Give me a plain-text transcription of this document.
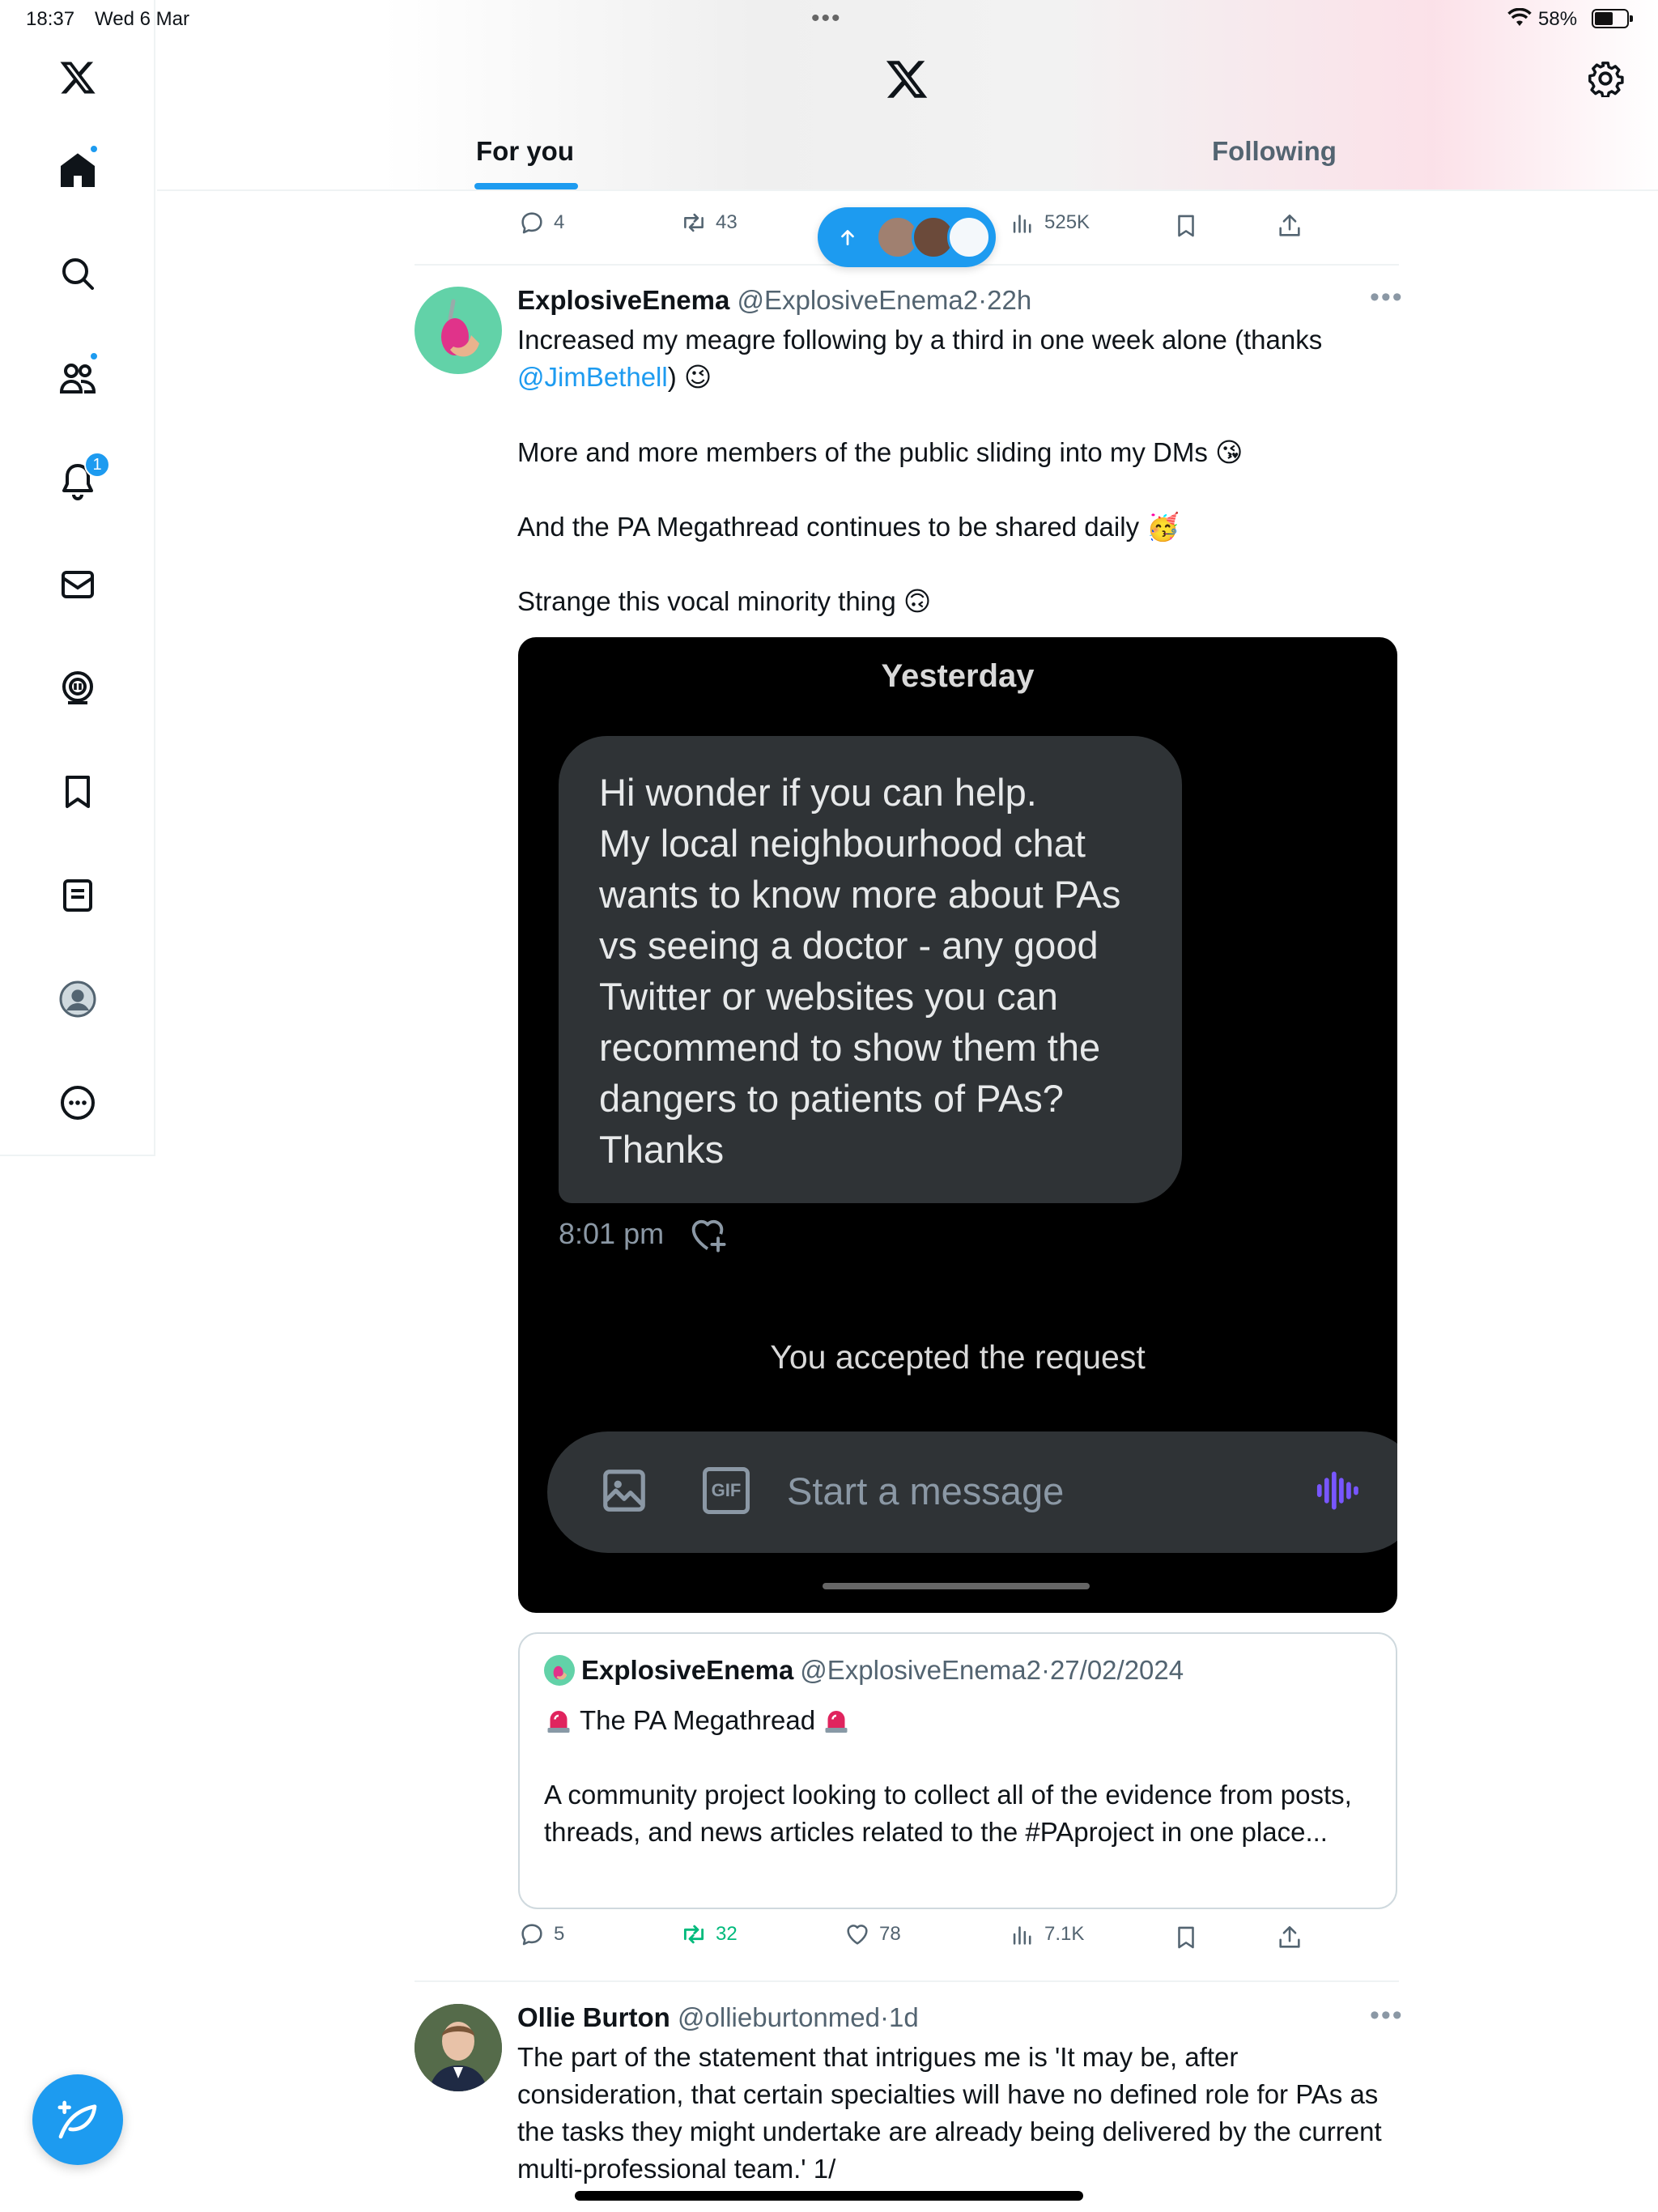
18:37 Wed 6 Mar	•••	58%
1
For you	Following
4	43	525K
ExplosiveEnema @ExplosiveEnema2·22h	•••
Increased my meagre following by a third in one week alone (thanks
@JimBethell) 😉
More and more members of the public sliding into my DMs 😘
And the PA Megathread continues to be shared daily 🥳
Strange this vocal minority thing 🙃
Yesterday
Hi wonder if you can help.
My local neighbourhood chat
wants to know more about PAs
vs seeing a doctor - any good
Twitter or websites you can
recommend to show them the
dangers to patients of PAs?
Thanks
8:01 pm
You accepted the request
GIF Start a message
ExplosiveEnema @ExplosiveEnema2 · 27/02/2024
The PA Megathread
A community project looking to collect all of the evidence from posts, threads, and news articles related to the #PAproject in one place...
5	32	78	7.1K
Ollie Burton @ollieburtonmed·1d	•••
The part of the statement that intrigues me is 'It may be, after consideration, that certain specialties will have no defined role for PAs as the tasks they might undertake are already being delivered by the current multi-professional team.' 1/
